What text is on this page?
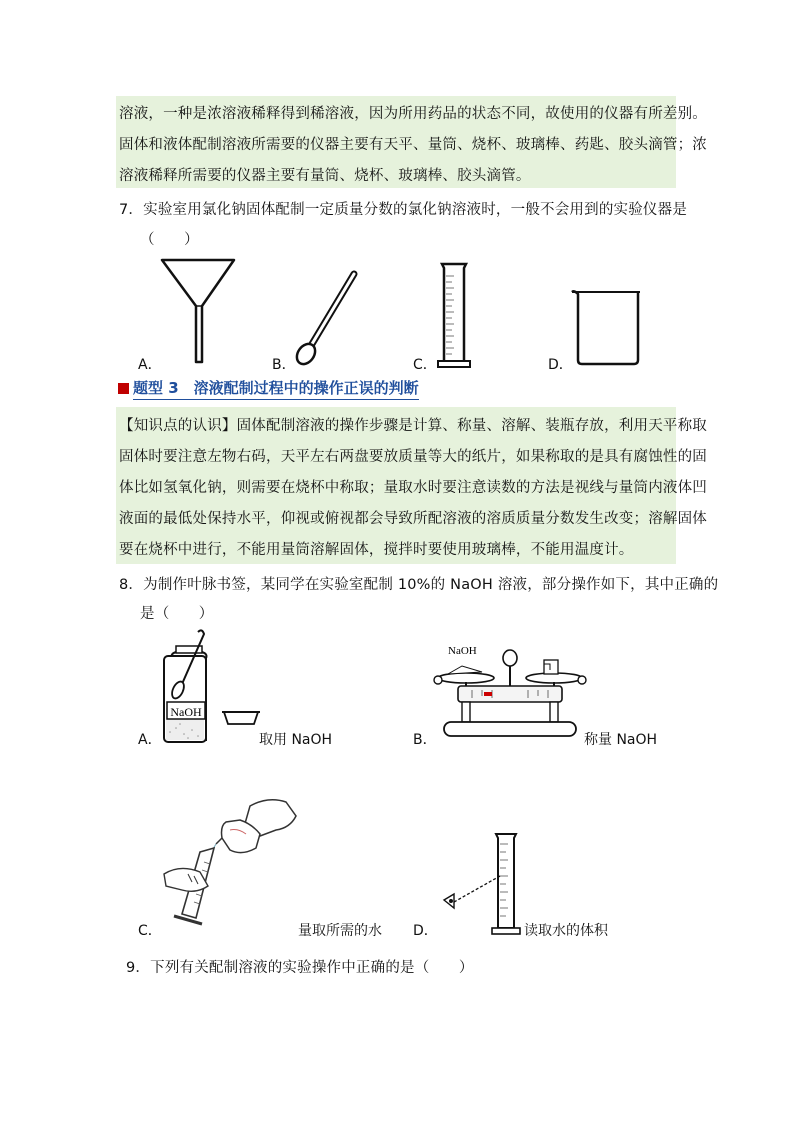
溶液，一种是浓溶液稀释得到稀溶液，因为所用药品的状态不同，故使用的仪器有所差别。
固体和液体配制溶液所需要的仪器主要有天平、量筒、烧杯、玻璃棒、药匙、胶头滴管；浓
溶液稀释所需要的仪器主要有量筒、烧杯、玻璃棒、胶头滴管。
7．实验室用氯化钠固体配制一定质量分数的氯化钠溶液时，一般不会用到的实验仪器是
（　　）
A．	B．	C．	D．
题型 3　溶液配制过程中的操作正误的判断
【知识点的认识】固体配制溶液的操作步骤是计算、称量、溶解、装瓶存放，利用天平称取
固体时要注意左物右码，天平左右两盘要放质量等大的纸片，如果称取的是具有腐蚀性的固
体比如氢氧化钠，则需要在烧杯中称取；量取水时要注意读数的方法是视线与量筒内液体凹
液面的最低处保持水平，仰视或俯视都会导致所配溶液的溶质质量分数发生改变；溶解固体
要在烧杯中进行，不能用量筒溶解固体，搅拌时要使用玻璃棒，不能用温度计。
8．为制作叶脉书签，某同学在实验室配制 10%的 NaOH 溶液，部分操作如下，其中正确的
是（　　）
NaOH
A．	取用 NaOH
NaOH
B．	称量 NaOH
C．	量取所需的水 D．	读取水的体积
9．下列有关配制溶液的实验操作中正确的是（　　）
